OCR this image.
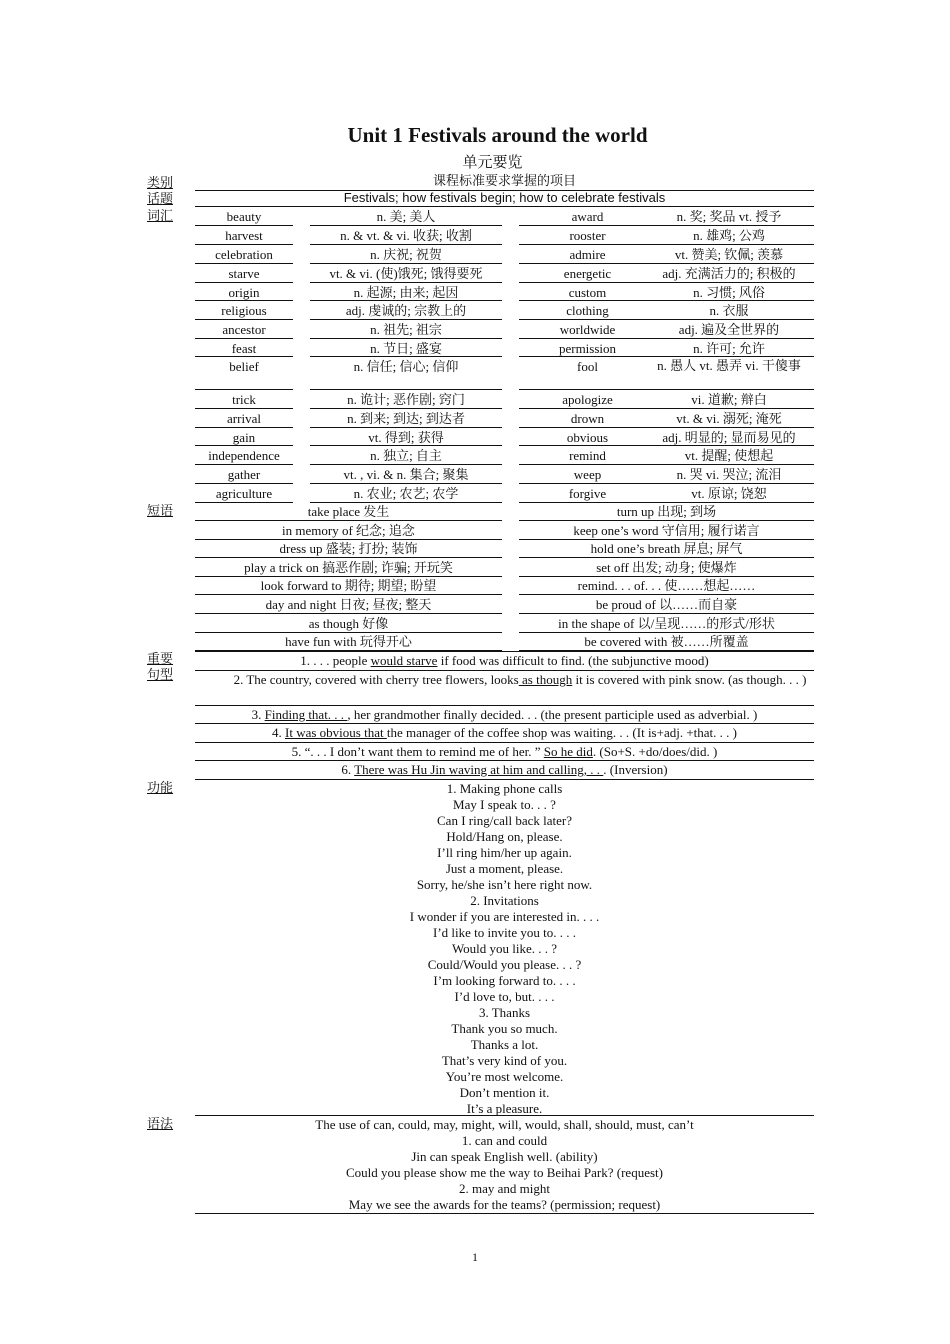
Unit 1 Festivals around the world
单元要览
类别
话题
词汇
短语
重要句型
功能
语法
课程标准要求掌握的项目
Festivals; how festivals begin; how to celebrate festivals
beauty	n. 美; 美人	award	n. 奖; 奖品 vt. 授予
harvest	n. & vt. & vi. 收获; 收割	rooster	n. 雄鸡; 公鸡
celebration	n. 庆祝; 祝贺	admire	vt. 赞美; 钦佩; 羡慕
starve	vt. & vi. (使)饿死; 饿得要死	energetic	adj. 充满活力的; 积极的
origin	n. 起源; 由来; 起因	custom	n. 习惯; 风俗
religious	adj. 虔诚的; 宗教上的	clothing	n. 衣服
ancestor	n. 祖先; 祖宗	worldwide	adj. 遍及全世界的
feast	n. 节日; 盛宴	permission	n. 许可; 允许
belief	n. 信任; 信心; 信仰	fool	n. 愚人 vt. 愚弄 vi. 干傻事
trick	n. 诡计; 恶作剧; 窍门	apologize	vi. 道歉; 辩白
arrival	n. 到来; 到达; 到达者	drown	vt. & vi. 溺死; 淹死
gain	vt. 得到; 获得	obvious	adj. 明显的; 显而易见的
independence	n. 独立; 自主	remind	vt. 提醒; 使想起
gather	vt. , vi. & n. 集合; 聚集	weep	n. 哭 vi. 哭泣; 流泪
agriculture	n. 农业; 农艺; 农学	forgive	vt. 原谅; 饶恕
take place 发生	turn up 出现; 到场
in memory of 纪念; 追念	keep one’s word 守信用; 履行诺言
dress up 盛装; 打扮; 装饰	hold one’s breath 屏息; 屏气
play a trick on 搞恶作剧; 诈骗; 开玩笑	set off 出发; 动身; 使爆炸
look forward to 期待; 期望; 盼望	remind. . . of. . . 使……想起……
day and night 日夜; 昼夜; 整天	be proud of 以……而自豪
as though 好像	in the shape of 以/呈现……的形式/形状
have fun with 玩得开心	be covered with 被……所覆盖
1. . . . people would starve if food was difficult to find. (the subjunctive mood)
2. The country, covered with cherry tree flowers, looks as though it is covered with pink snow. (as though. . . )
3. Finding that. . . , her grandmother finally decided. . . (the present participle used as adverbial. )
4. It was obvious that the manager of the coffee shop was waiting. . . (It is+adj. +that. . . )
5. “. . . I don’t want them to remind me of her. ” So he did. (So+S. +do/does/did. )
6. There was Hu Jin waving at him and calling, . . . (Inversion)
1. Making phone calls
May I speak to. . . ?
Can I ring/call back later?
Hold/Hang on, please.
I’ll ring him/her up again.
Just a moment, please.
Sorry, he/she isn’t here right now.
2. Invitations
I wonder if you are interested in. . . .
I’d like to invite you to. . . .
Would you like. . . ?
Could/Would you please. . . ?
I’m looking forward to. . . .
I’d love to, but. . . .
3. Thanks
Thank you so much.
Thanks a lot.
That’s very kind of you.
You’re most welcome.
Don’t mention it.
It’s a pleasure.
The use of can, could, may, might, will, would, shall, should, must, can’t
1. can and could
Jin can speak English well. (ability)
Could you please show me the way to Beihai Park? (request)
2. may and might
May we see the awards for the teams? (permission; request)
1
